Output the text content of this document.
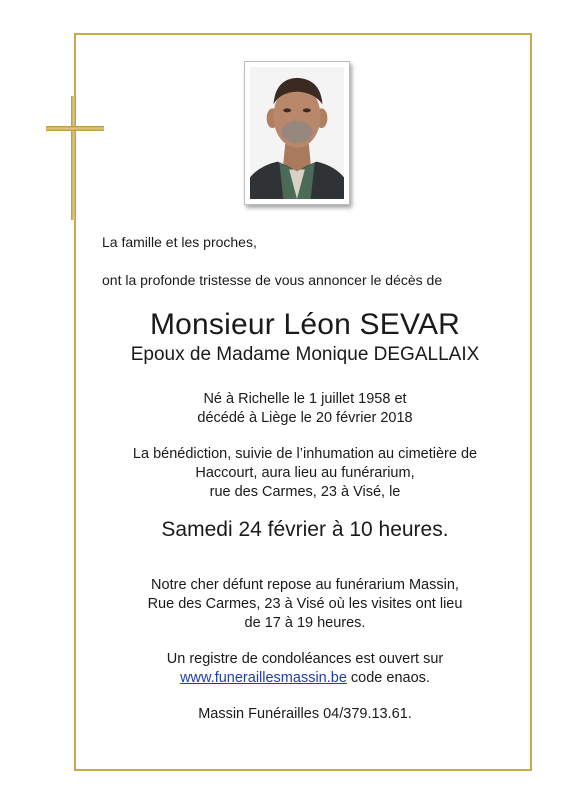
La famille et les proches,

ont la profonde tristesse de vous annoncer le décès de

Monsieur Léon SEVAR

Epoux de Madame Monique DEGALLAIX

Né à Richelle le 1 juillet 1958 et

décédé à Liège le 20 février 2018

La bénédiction, suivie de l’inhumation au cimetière de

Haccourt, aura lieu au funérarium,

rue des Carmes, 23 à Visé, le

Samedi 24 février à 10 heures.

Notre cher défunt repose au funérarium Massin,

Rue des Carmes, 23 à Visé où les visites ont lieu

de 17 à 19 heures.

Un registre de condoléances est ouvert sur

www.funeraillesmassin.be code enaos.

Massin Funérailles 04/379.13.61.
